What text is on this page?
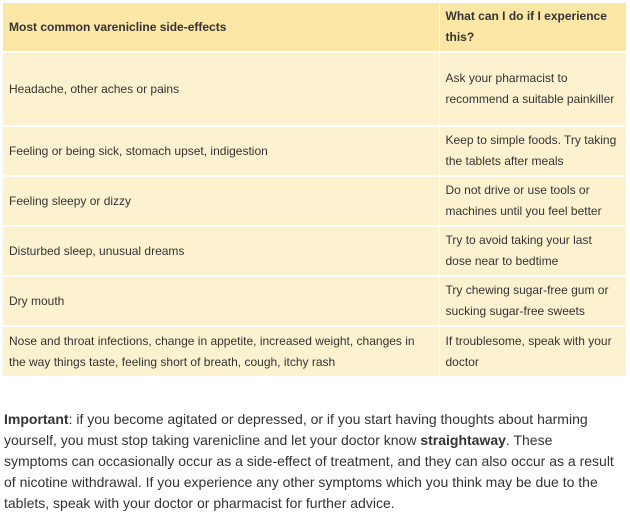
Most common varenicline side-effects	What can I do if I experience this?
Headache, other aches or pains	Ask your pharmacist to recommend a suitable painkiller
Feeling or being sick, stomach upset, indigestion	Keep to simple foods. Try taking the tablets after meals
Feeling sleepy or dizzy	Do not drive or use tools or machines until you feel better
Disturbed sleep, unusual dreams	Try to avoid taking your last dose near to bedtime
Dry mouth	Try chewing sugar-free gum or sucking sugar-free sweets
Nose and throat infections, change in appetite, increased weight, changes in the way things taste, feeling short of breath, cough, itchy rash	If troublesome, speak with your doctor

Important: if you become agitated or depressed, or if you start having thoughts about harming yourself, you must stop taking varenicline and let your doctor know straightaway. These symptoms can occasionally occur as a side-effect of treatment, and they can also occur as a result of nicotine withdrawal. If you experience any other symptoms which you think may be due to the tablets, speak with your doctor or pharmacist for further advice.
